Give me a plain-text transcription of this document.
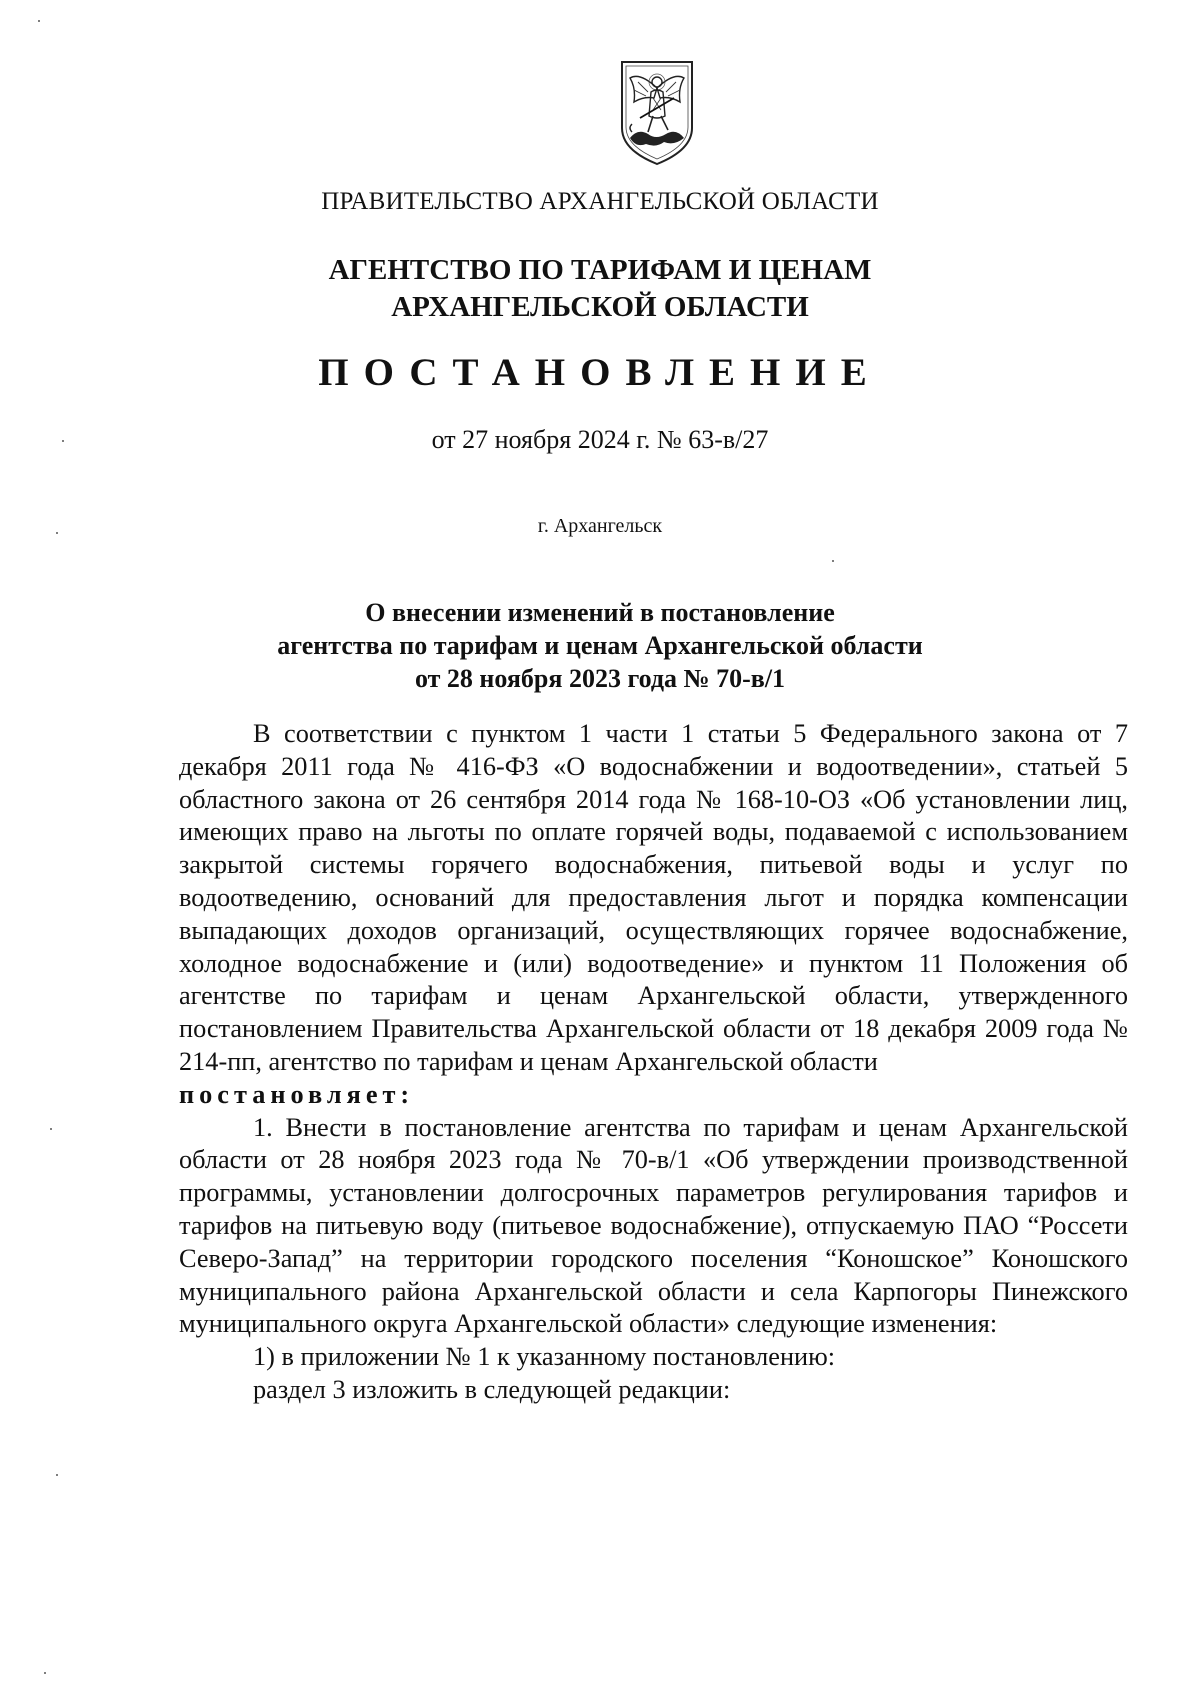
ПРАВИТЕЛЬСТВО АРХАНГЕЛЬСКОЙ ОБЛАСТИ
АГЕНТСТВО ПО ТАРИФАМ И ЦЕНАМ
АРХАНГЕЛЬСКОЙ ОБЛАСТИ
ПОСТАНОВЛЕНИЕ
от 27 ноября 2024 г. № 63-в/27
г. Архангельск
О внесении изменений в постановление
агентства по тарифам и ценам Архангельской области
от 28 ноября 2023 года № 70-в/1

В соответствии с пунктом 1 части 1 статьи 5 Федерального закона от 7 декабря 2011 года № 416-ФЗ «О водоснабжении и водоотведении», статьей 5 областного закона от 26 сентября 2014 года № 168-10-ОЗ «Об установлении лиц, имеющих право на льготы по оплате горячей воды, подаваемой с использованием закрытой системы горячего водоснабжения, питьевой воды и услуг по водоотведению, оснований для предоставления льгот и порядка компенсации выпадающих доходов организаций, осуществляющих горячее водоснабжение, холодное водоснабжение и (или) водоотведение» и пунктом 11 Положения об агентстве по тарифам и ценам Архангельской области, утвержденного постановлением Правительства Архангельской области от 18 декабря 2009 года № 214-пп, агентство по тарифам и ценам Архангельской области

постановляет:

1. Внести в постановление агентства по тарифам и ценам Архангельской области от 28 ноября 2023 года № 70-в/1 «Об утверждении производственной программы, установлении долгосрочных параметров регулирования тарифов и тарифов на питьевую воду (питьевое водоснабжение), отпускаемую ПАО “Россети Северо-Запад” на территории городского поселения “Коношское” Коношского муниципального района Архангельской области и села Карпогоры Пинежского муниципального округа Архангельской области» следующие изменения:

1) в приложении № 1 к указанному постановлению:

раздел 3 изложить в следующей редакции:
